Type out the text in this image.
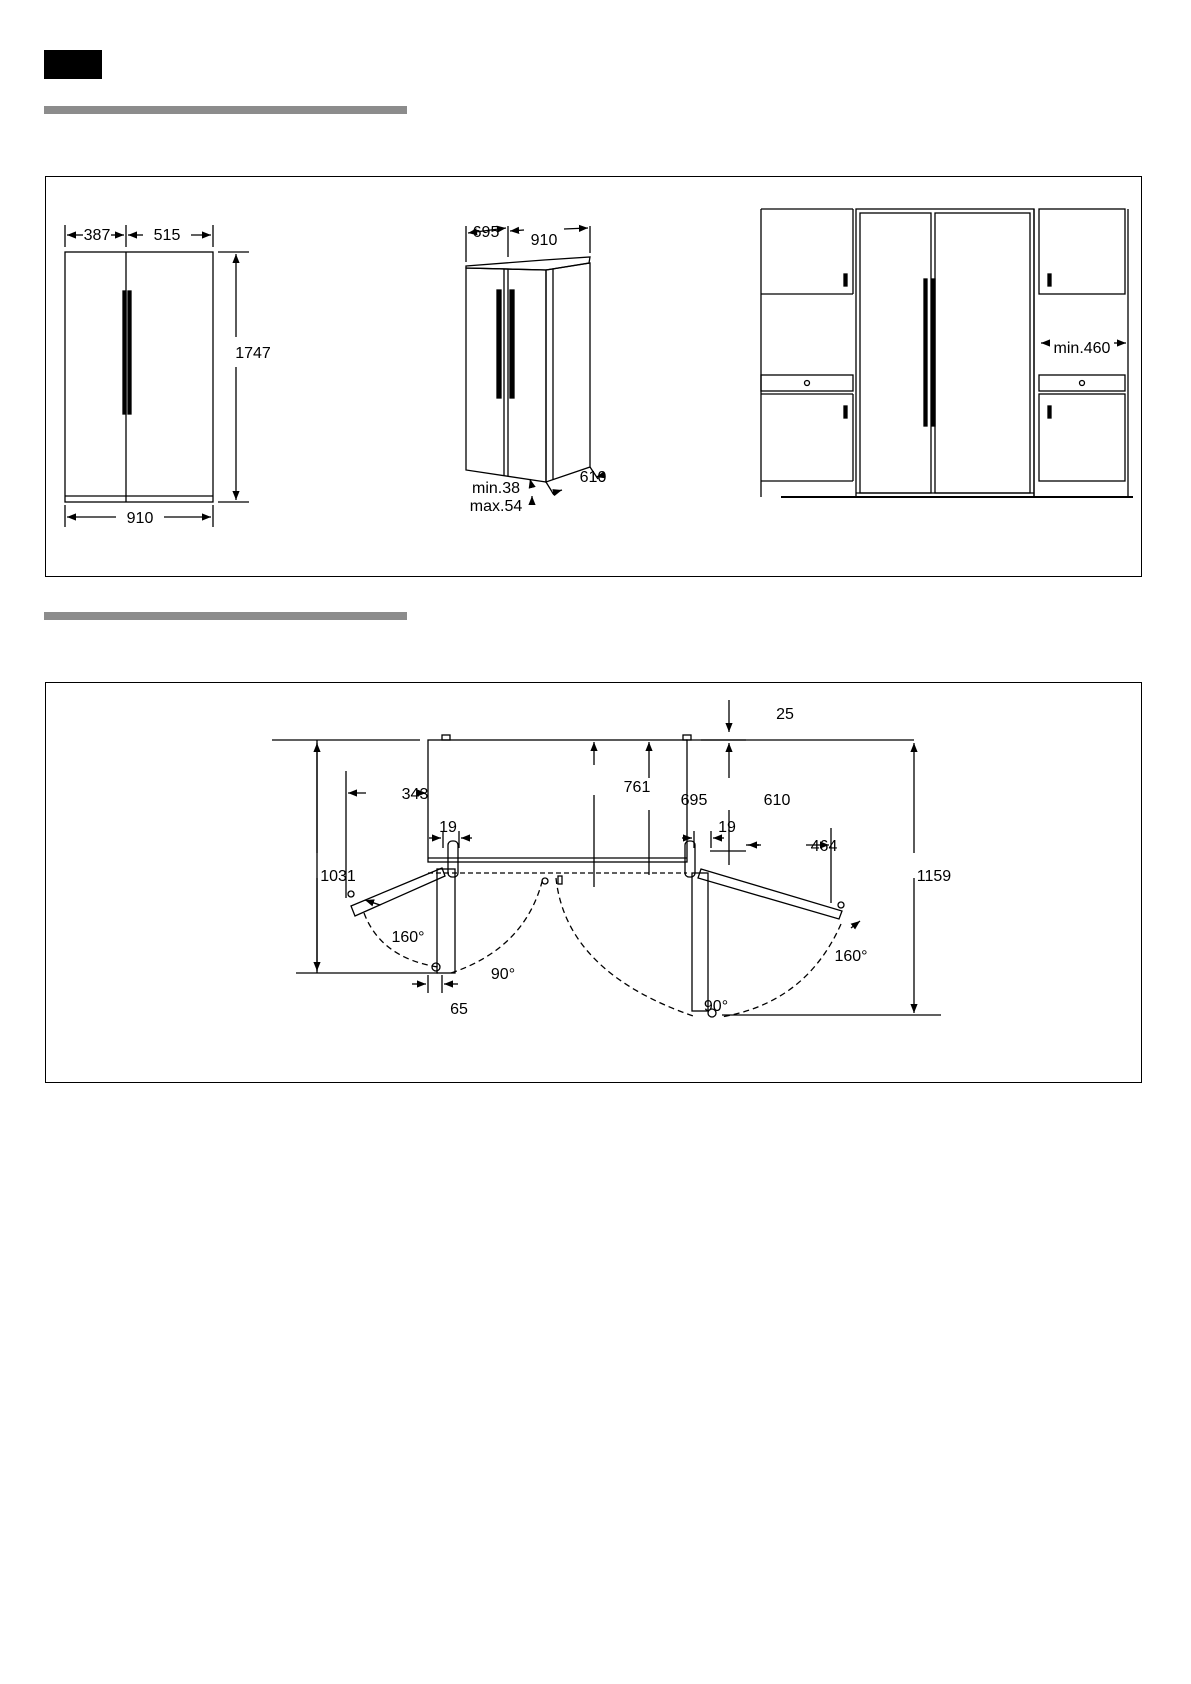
387	515
1747
910
695 910
min.38
max.54
610
min.460
25
761
695	610
343
19	19
464
1031	1159
65
160°
90°
160°
90°
